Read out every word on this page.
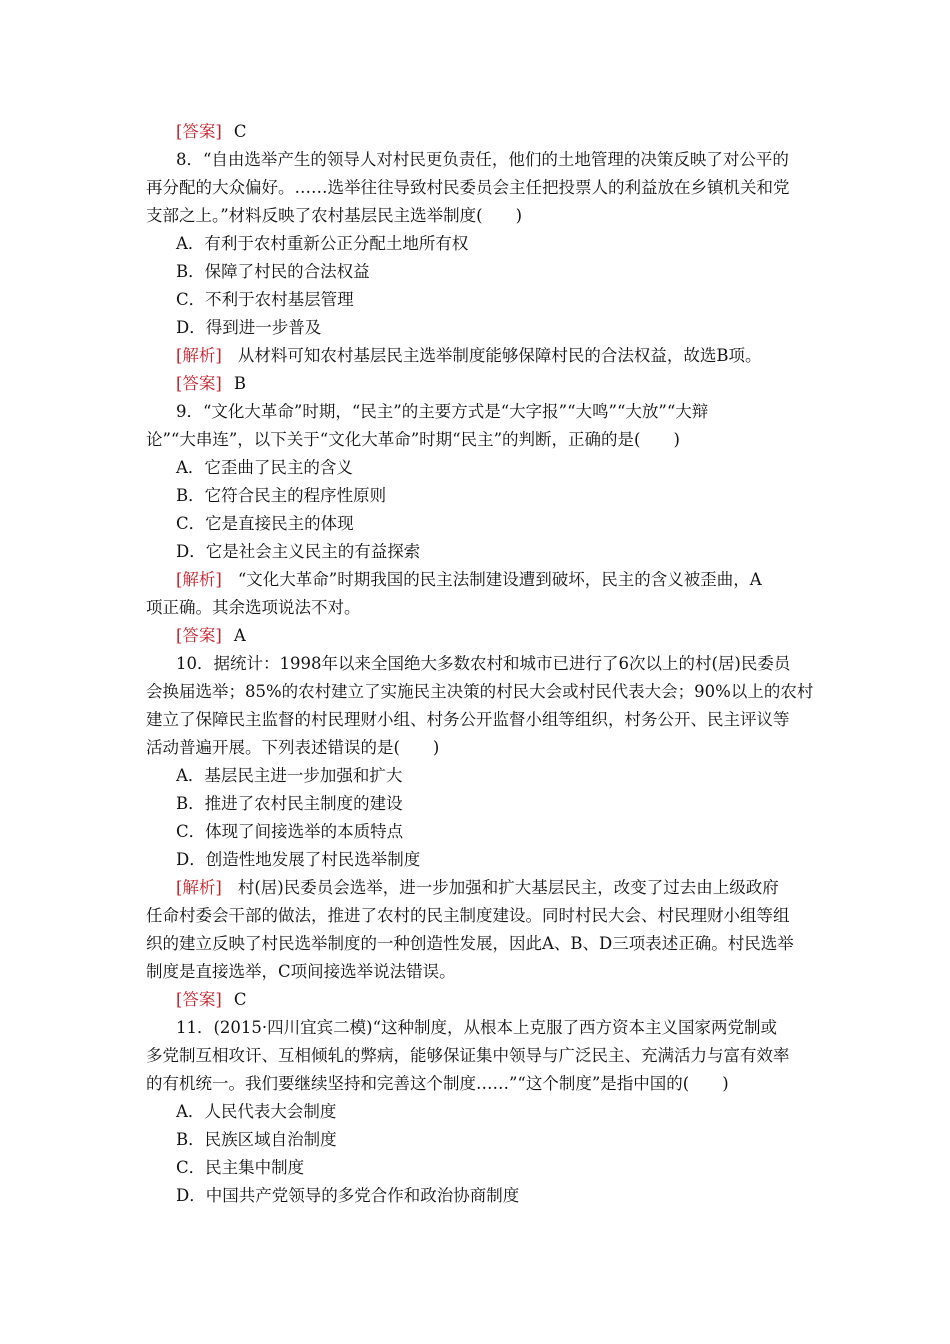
[答案] C
8．“自由选举产生的领导人对村民更负责任，他们的土地管理的决策反映了对公平的
再分配的大众偏好。……选举往往导致村民委员会主任把投票人的利益放在乡镇机关和党
支部之上。”材料反映了农村基层民主选举制度(　　)
A．有利于农村重新公正分配土地所有权
B．保障了村民的合法权益
C．不利于农村基层管理
D．得到进一步普及
[解析] 从材料可知农村基层民主选举制度能够保障村民的合法权益，故选B项。
[答案] B
9．“文化大革命”时期，“民主”的主要方式是“大字报”“大鸣”“大放”“大辩
论”“大串连”，以下关于“文化大革命”时期“民主”的判断，正确的是(　　)
A．它歪曲了民主的含义
B．它符合民主的程序性原则
C．它是直接民主的体现
D．它是社会主义民主的有益探索
[解析] “文化大革命”时期我国的民主法制建设遭到破坏，民主的含义被歪曲，A
项正确。其余选项说法不对。
[答案] A
10．据统计：1998年以来全国绝大多数农村和城市已进行了6次以上的村(居)民委员
会换届选举；85%的农村建立了实施民主决策的村民大会或村民代表大会；90%以上的农村
建立了保障民主监督的村民理财小组、村务公开监督小组等组织，村务公开、民主评议等
活动普遍开展。下列表述错误的是(　　)
A．基层民主进一步加强和扩大
B．推进了农村民主制度的建设
C．体现了间接选举的本质特点
D．创造性地发展了村民选举制度
[解析] 村(居)民委员会选举，进一步加强和扩大基层民主，改变了过去由上级政府
任命村委会干部的做法，推进了农村的民主制度建设。同时村民大会、村民理财小组等组
织的建立反映了村民选举制度的一种创造性发展，因此A、B、D三项表述正确。村民选举
制度是直接选举，C项间接选举说法错误。
[答案] C
11．(2015·四川宜宾二模)“这种制度，从根本上克服了西方资本主义国家两党制或
多党制互相攻讦、互相倾轧的弊病，能够保证集中领导与广泛民主、充满活力与富有效率
的有机统一。我们要继续坚持和完善这个制度……”“这个制度”是指中国的(　　)
A．人民代表大会制度
B．民族区域自治制度
C．民主集中制度
D．中国共产党领导的多党合作和政治协商制度
